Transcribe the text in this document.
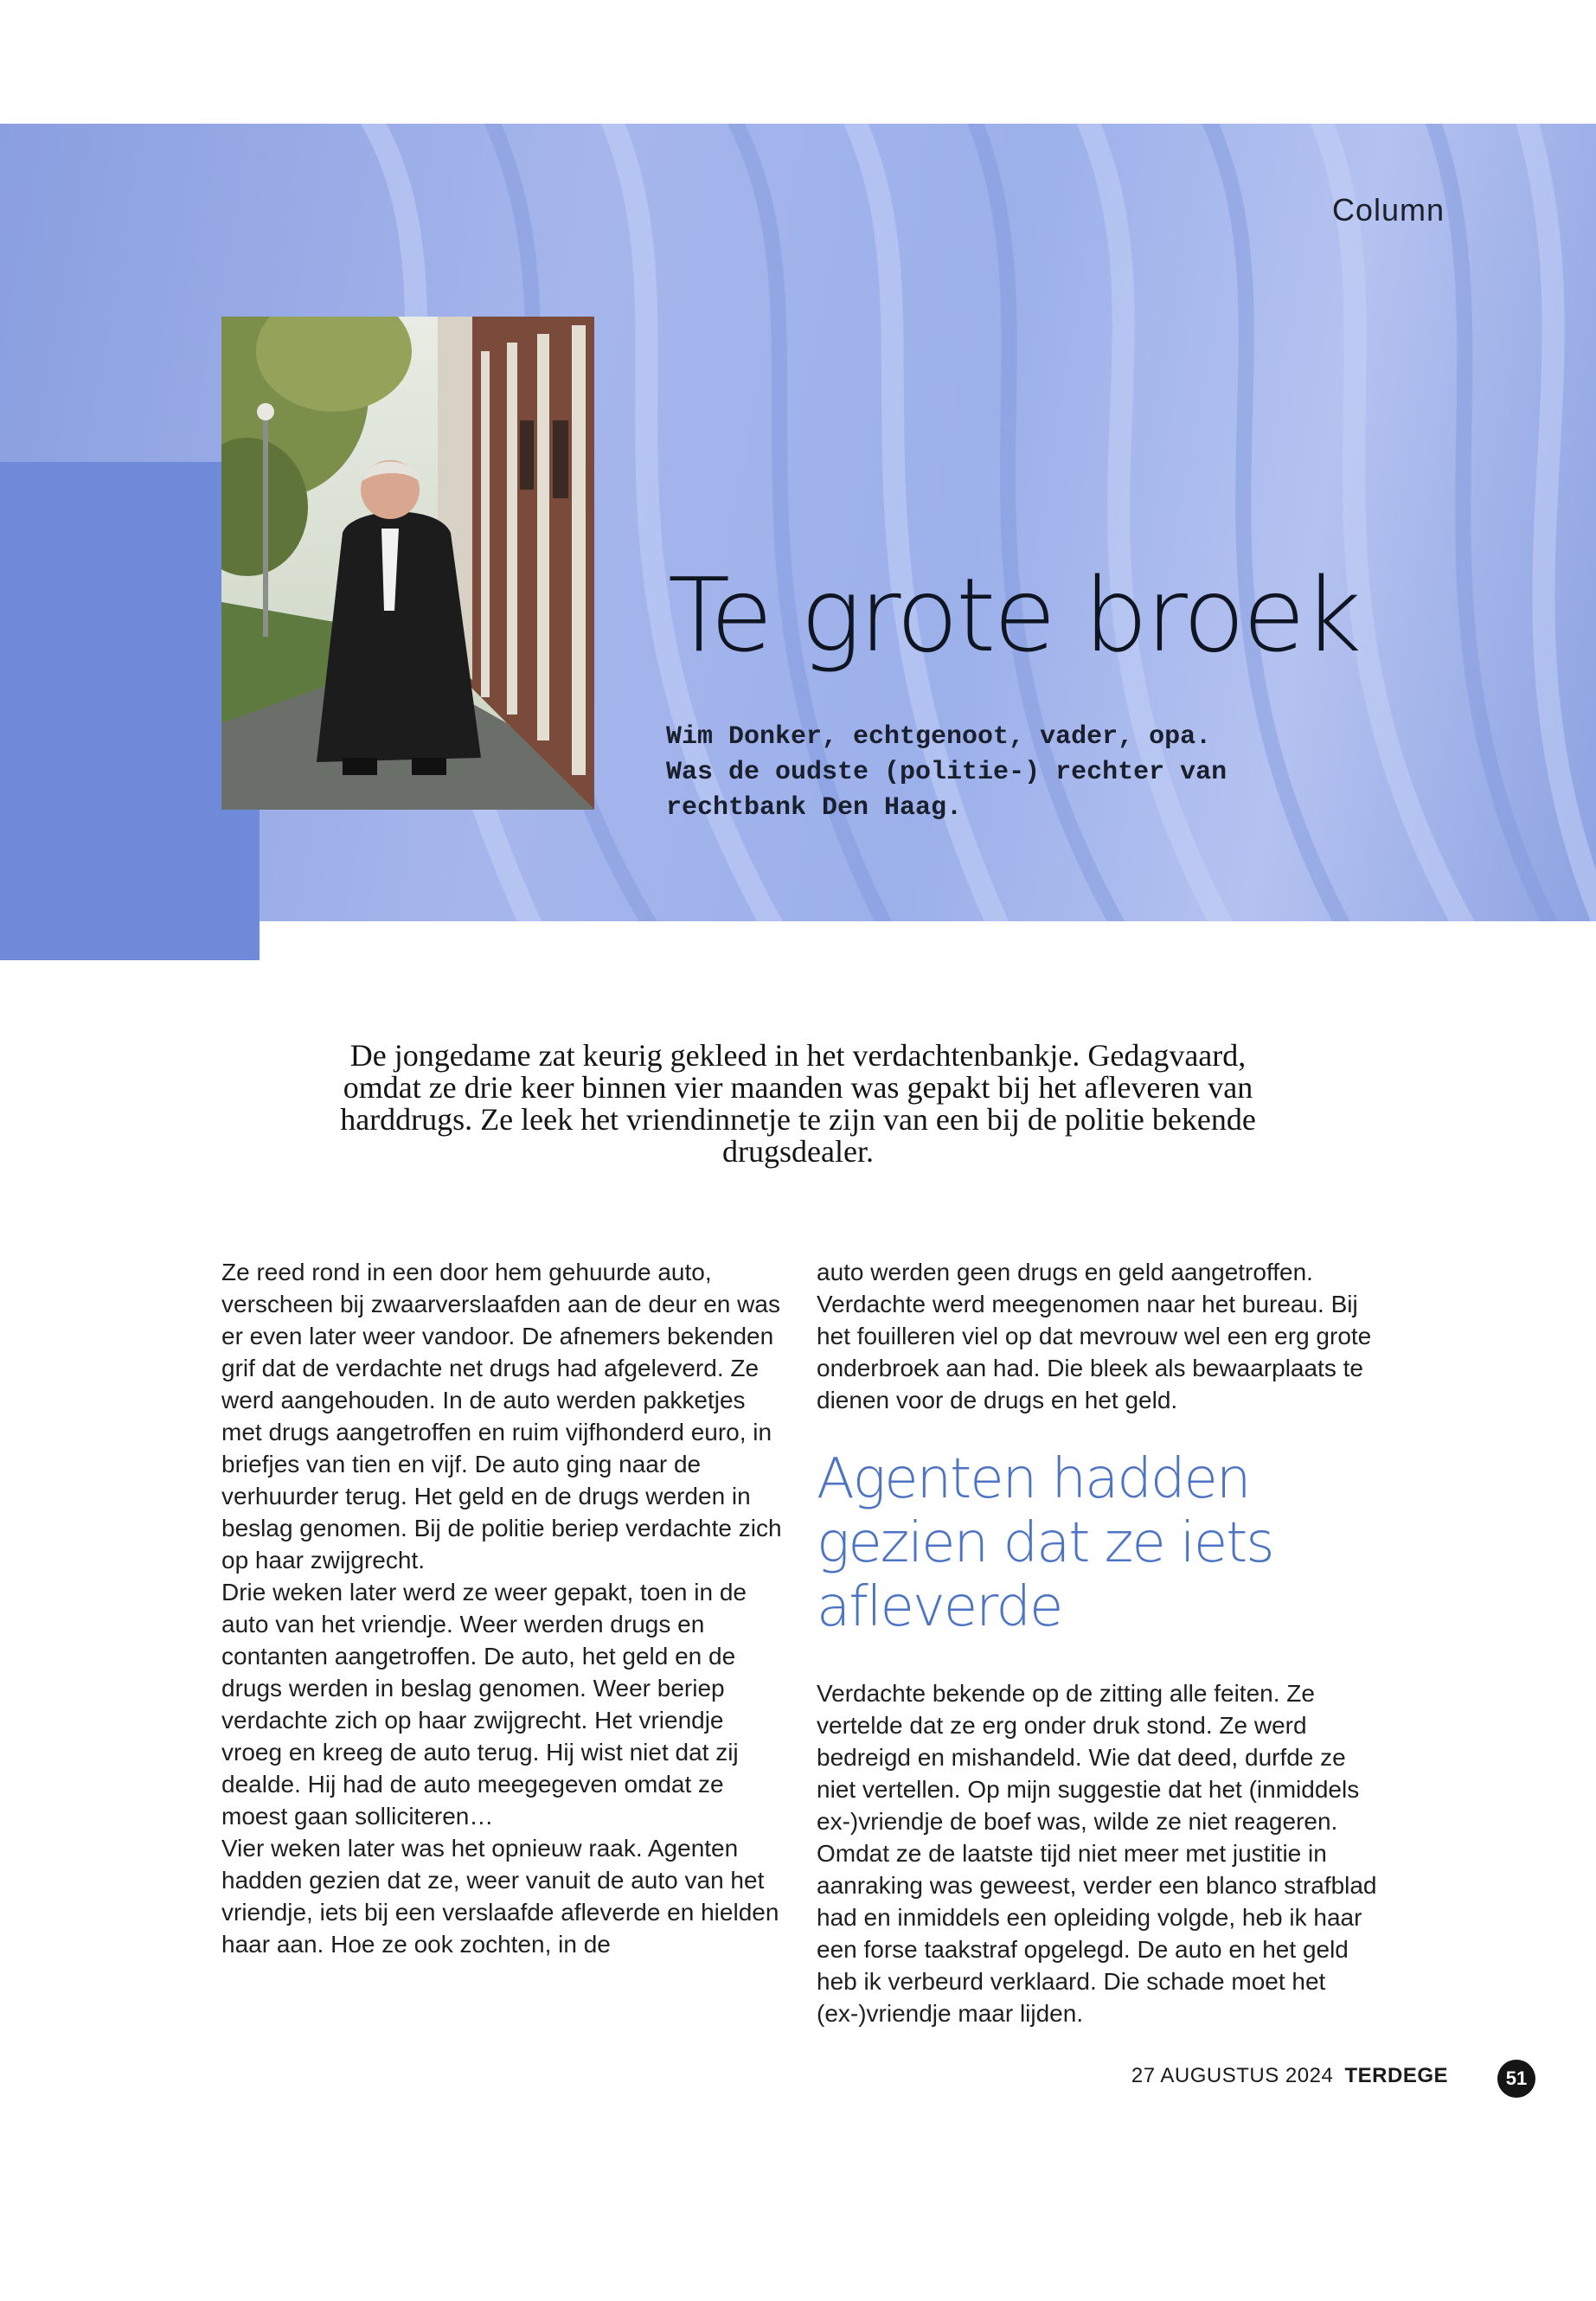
Column
Te grote broek

Wim Donker, echtgenoot, vader, opa. Was de oudste (politie-) rechter van rechtbank Den Haag.

De jongedame zat keurig gekleed in het verdachtenbankje. Gedagvaard, omdat ze drie keer binnen vier maanden was gepakt bij het afleveren van harddrugs. Ze leek het vriendinnetje te zijn van een bij de politie bekende drugsdealer.

Ze reed rond in een door hem gehuurde auto, verscheen bij zwaarverslaafden aan de deur en was er even later weer vandoor. De afnemers bekenden grif dat de verdachte net drugs had afgeleverd. Ze werd aangehouden. In de auto werden pakketjes met drugs aangetroffen en ruim vijfhonderd euro, in briefjes van tien en vijf. De auto ging naar de verhuurder terug. Het geld en de drugs werden in beslag genomen. Bij de politie beriep verdachte zich op haar zwijgrecht.

Drie weken later werd ze weer gepakt, toen in de auto van het vriendje. Weer werden drugs en contanten aangetroffen. De auto, het geld en de drugs werden in beslag genomen. Weer beriep verdachte zich op haar zwijgrecht. Het vriendje vroeg en kreeg de auto terug. Hij wist niet dat zij dealde. Hij had de auto meegegeven omdat ze moest gaan solliciteren…

Vier weken later was het opnieuw raak. Agenten hadden gezien dat ze, weer vanuit de auto van het vriendje, iets bij een verslaafde afleverde en hielden haar aan. Hoe ze ook zochten, in de

auto werden geen drugs en geld aangetroffen. Verdachte werd meegenomen naar het bureau. Bij het fouilleren viel op dat mevrouw wel een erg grote onderbroek aan had. Die bleek als bewaarplaats te dienen voor de drugs en het geld.

Agenten hadden gezien dat ze iets afleverde

Verdachte bekende op de zitting alle feiten. Ze vertelde dat ze erg onder druk stond. Ze werd bedreigd en mishandeld. Wie dat deed, durfde ze niet vertellen. Op mijn suggestie dat het (inmiddels ex-)vriendje de boef was, wilde ze niet reageren. Omdat ze de laatste tijd niet meer met justitie in aanraking was geweest, verder een blanco strafblad had en inmiddels een opleiding volgde, heb ik haar een forse taakstraf opgelegd. De auto en het geld heb ik verbeurd verklaard. Die schade moet het (ex-)vriendje maar lijden.

27 AUGUSTUS 2024 TERDEGE	51
